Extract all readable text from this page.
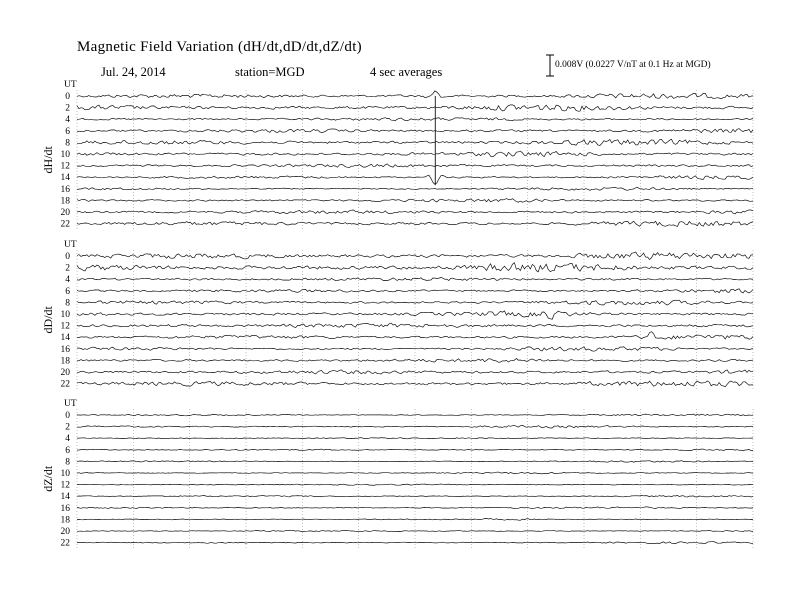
Magnetic Field Variation (dH/dt,dD/dt,dZ/dt)
Jul. 24, 2014	station=MGD	4 sec averages	0.008V (0.0227 V/nT at 0.1 Hz at MGD)
UT
dH/dt
0
2
4
6
8
10
12
14
16
18
20
22
UT
dD/dt
0
2
4
6
8
10
12
14
16
18
20
22
UT
dZ/dt
0
2
4
6
8
10
12
14
16
18
20
22
